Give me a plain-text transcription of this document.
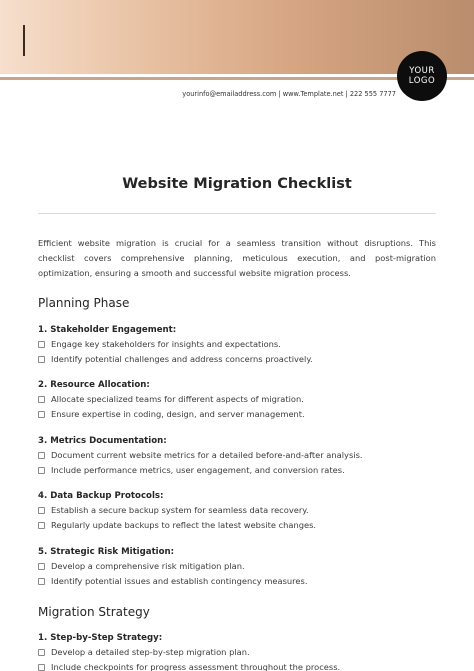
YOUR
LOGO
yourinfo@emailaddress.com | www.Template.net | 222 555 7777
Website Migration Checklist

Efficient website migration is crucial for a seamless transition without disruptions. This checklist covers comprehensive planning, meticulous execution, and post-migration optimization, ensuring a smooth and successful website migration process.

Planning Phase
1. Stakeholder Engagement:
Engage key stakeholders for insights and expectations.
Identify potential challenges and address concerns proactively.
2. Resource Allocation:
Allocate specialized teams for different aspects of migration.
Ensure expertise in coding, design, and server management.
3. Metrics Documentation:
Document current website metrics for a detailed before-and-after analysis.
Include performance metrics, user engagement, and conversion rates.
4. Data Backup Protocols:
Establish a secure backup system for seamless data recovery.
Regularly update backups to reflect the latest website changes.
5. Strategic Risk Mitigation:
Develop a comprehensive risk mitigation plan.
Identify potential issues and establish contingency measures.
Migration Strategy
1. Step-by-Step Strategy:
Develop a detailed step-by-step migration plan.
Include checkpoints for progress assessment throughout the process.
